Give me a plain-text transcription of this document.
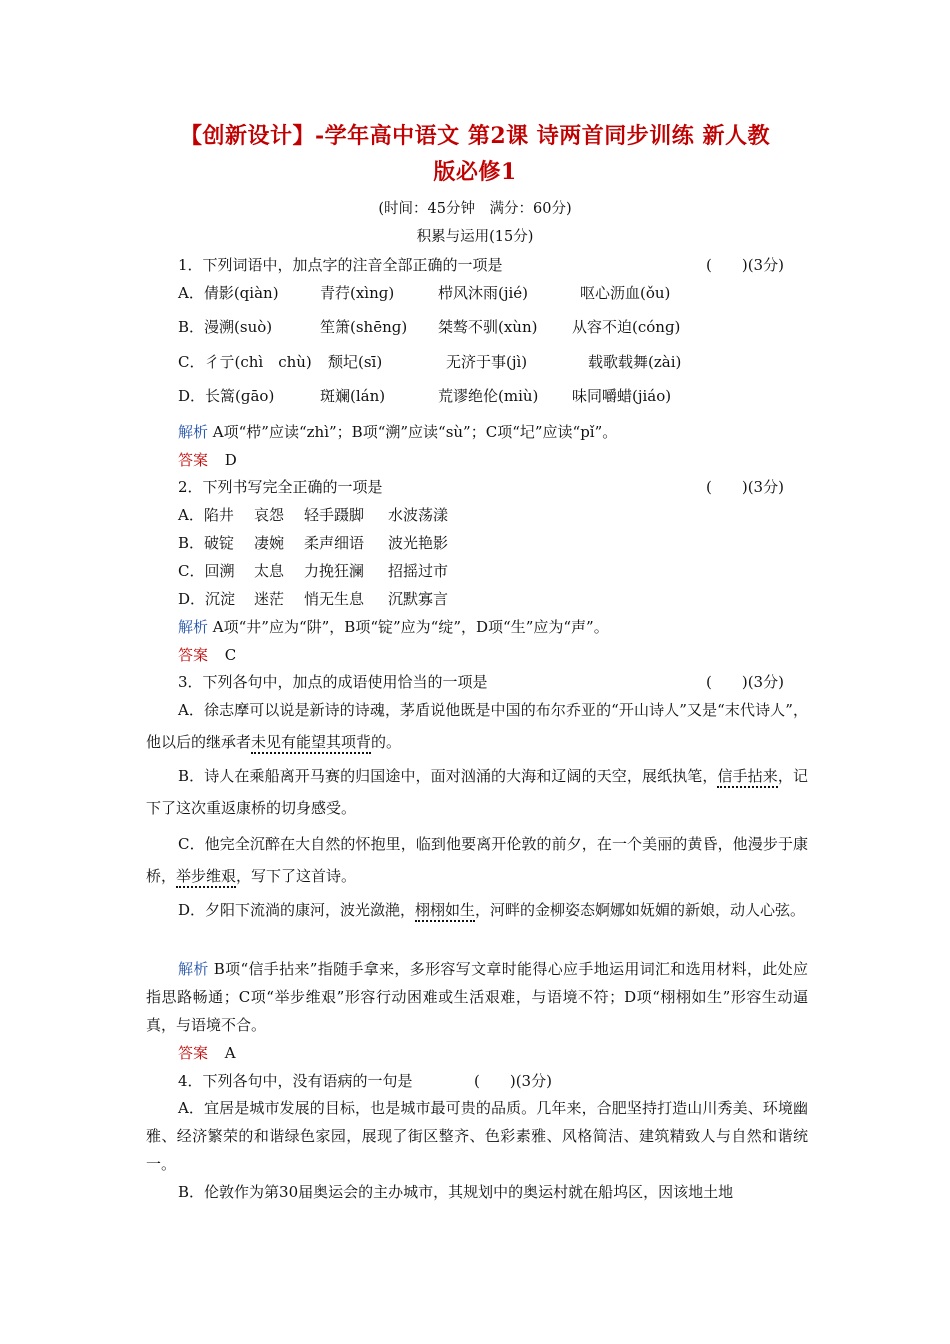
【创新设计】-学年高中语文 第2课 诗两首同步训练 新人教
版必修1
(时间：45分钟　满分：60分)
积累与运用(15分)
1．下列词语中，加点字的注音全部正确的一项是	(　　)(3分)
A．倩影(qiàn)	青荇(xìnɡ)	栉风沐雨(jié)	呕心沥血(ǒu)
B．漫溯(suò)	笙箫(shēnɡ) 桀骜不驯(xùn) 从容不迫(cónɡ)
C．彳亍(chì　chù) 颓圮(sī)	无济于事(jì)	载歌载舞(zài)
D．长篙(ɡāo)	斑斓(lán)	荒谬绝伦(miù) 味同嚼蜡(jiáo)
解析 A项“栉”应读“zhì”；B项“溯”应读“sù”；C项“圮”应读“pǐ”。
答案 D
2．下列书写完全正确的一项是	(　　)(3分)
A．陷井 哀怨 轻手蹑脚 水波荡漾
B．破锭 凄婉 柔声细语 波光艳影
C．回溯 太息 力挽狂澜 招摇过市
D．沉淀 迷茫 悄无生息 沉默寡言
解析 A项“井”应为“阱”，B项“锭”应为“绽”，D项“生”应为“声”。
答案 C
3．下列各句中，加点的成语使用恰当的一项是	(　　)(3分)
A．徐志摩可以说是新诗的诗魂，茅盾说他既是中国的布尔乔亚的“开山诗人”又是“末代诗人”，他以后的继承者未见有能望其项背的。
B．诗人在乘船离开马赛的归国途中，面对汹涌的大海和辽阔的天空，展纸执笔，信手拈来，记下了这次重返康桥的切身感受。
C．他完全沉醉在大自然的怀抱里，临到他要离开伦敦的前夕，在一个美丽的黄昏，他漫步于康桥，举步维艰，写下了这首诗。
D．夕阳下流淌的康河，波光潋滟，栩栩如生，河畔的金柳姿态婀娜如妩媚的新娘，动人心弦。
解析 B项“信手拈来”指随手拿来，多形容写文章时能得心应手地运用词汇和选用材料，此处应指思路畅通；C项“举步维艰”形容行动困难或生活艰难，与语境不符；D项“栩栩如生”形容生动逼真，与语境不合。
答案 A
4．下列各句中，没有语病的一句是	(　　)(3分)
A．宜居是城市发展的目标，也是城市最可贵的品质。几年来，合肥坚持打造山川秀美、环境幽雅、经济繁荣的和谐绿色家园，展现了街区整齐、色彩素雅、风格简洁、建筑精致人与自然和谐统一。
B．伦敦作为第30届奥运会的主办城市，其规划中的奥运村就在船坞区，因该地土地
